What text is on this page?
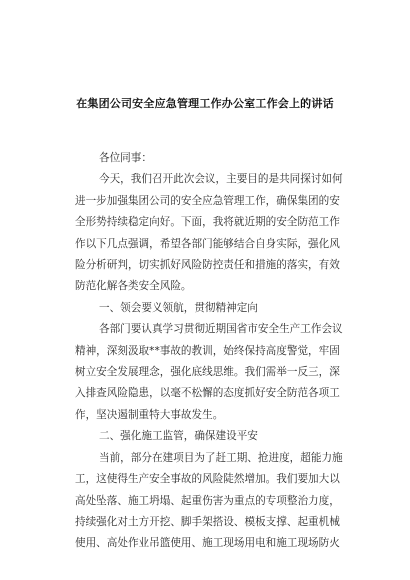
在集团公司安全应急管理工作办公室工作会上的讲话
各位同事：
今天，我们召开此次会议，主要目的是共同探讨如何
进一步加强集团公司的安全应急管理工作，确保集团的安
全形势持续稳定向好。下面，我将就近期的安全防范工作
作以下几点强调，希望各部门能够结合自身实际，强化风
险分析研判，切实抓好风险防控责任和措施的落实，有效
防范化解各类安全风险。
一、领会要义领航，贯彻精神定向
各部门要认真学习贯彻近期国省市安全生产工作会议
精神，深刻汲取**事故的教训，始终保持高度警觉，牢固
树立安全发展理念，强化底线思维。我们需举一反三，深
入排查风险隐患，以毫不松懈的态度抓好安全防范各项工
作，坚决遏制重特大事故发生。
二、强化施工监管，确保建设平安
当前，部分在建项目为了赶工期、抢进度，超能力施
工，这使得生产安全事故的风险陡然增加。我们要加大以
高处坠落、施工坍塌、起重伤害为重点的专项整治力度，
持续强化对土方开挖、脚手架搭设、模板支撑、起重机械
使用、高处作业吊篮使用、施工现场用电和施工现场防火
